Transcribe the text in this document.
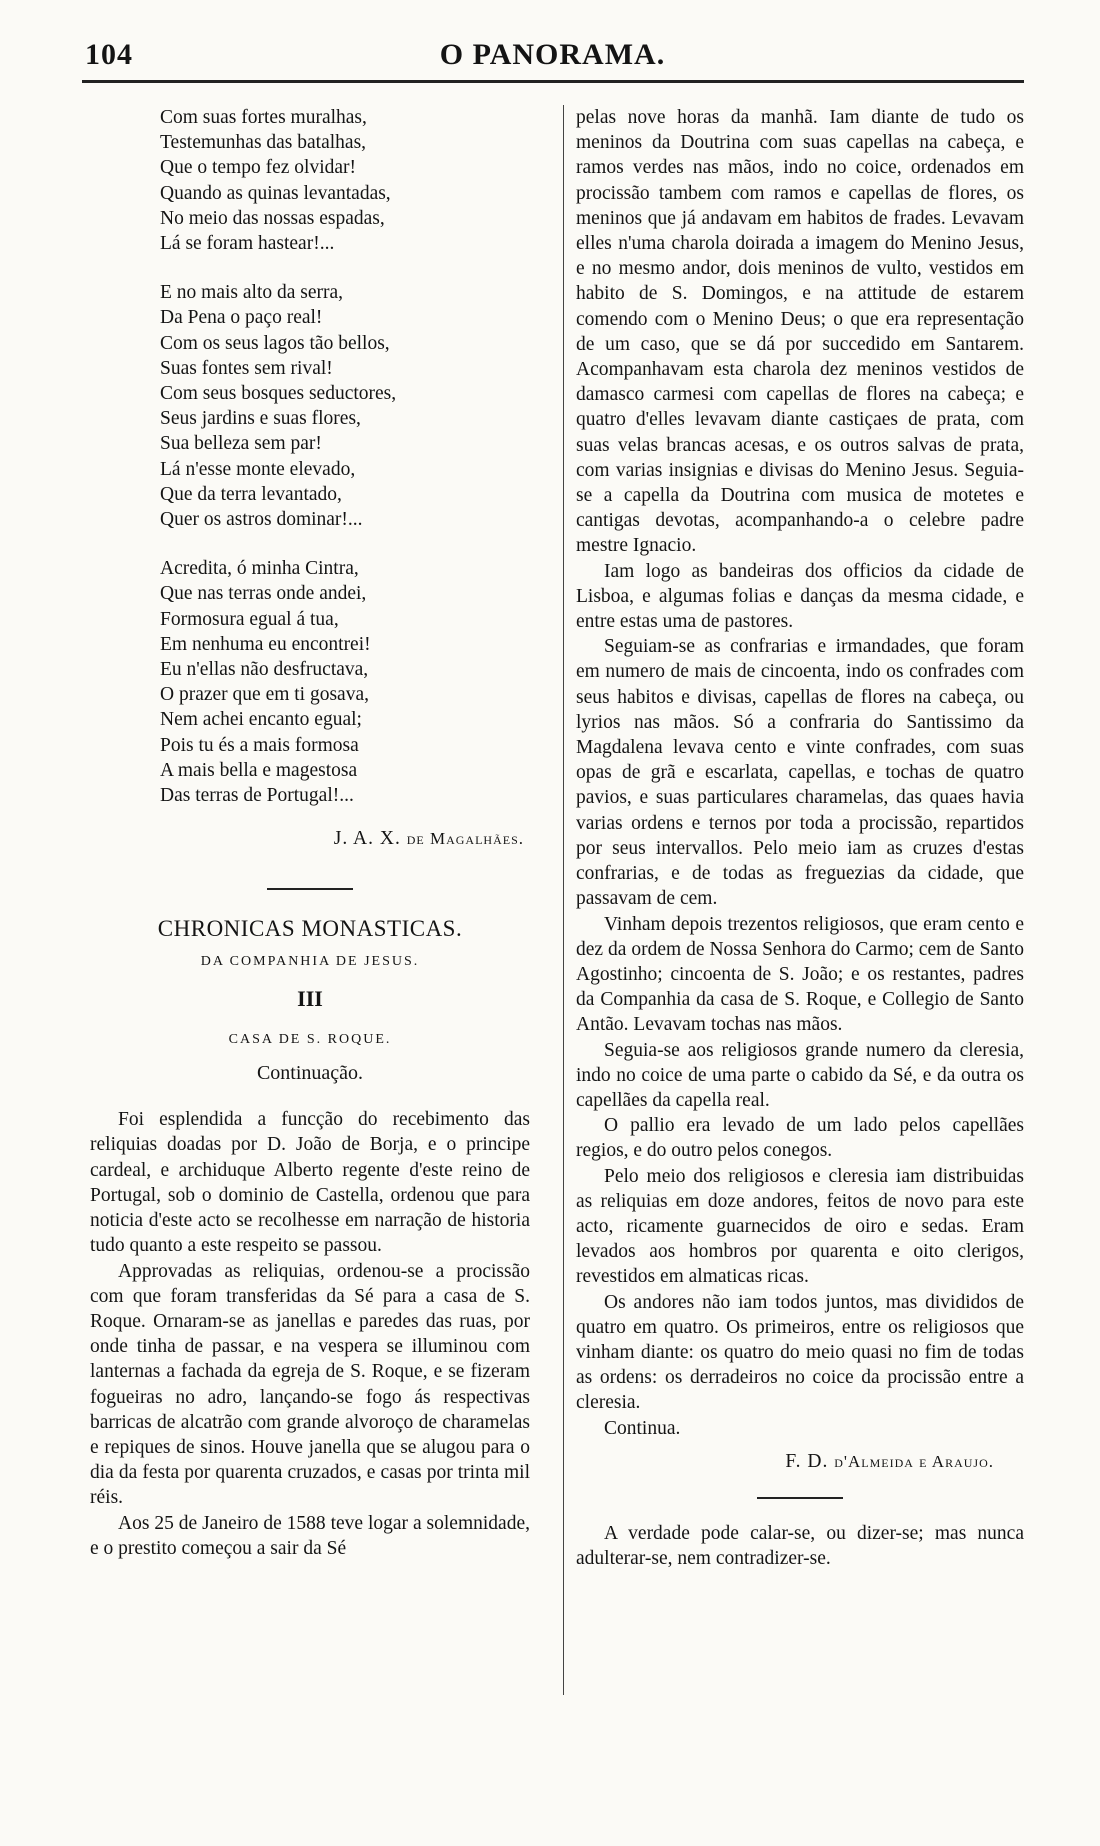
O PANORAMA.
104
Com suas fortes muralhas,
Testemunhas das batalhas,
Que o tempo fez olvidar!
Quando as quinas levantadas,
No meio das nossas espadas,
Lá se foram hastear!...
E no mais alto da serra,
Da Pena o paço real!
Com os seus lagos tão bellos,
Suas fontes sem rival!
Com seus bosques seductores,
Seus jardins e suas flores,
Sua belleza sem par!
Lá n'esse monte elevado,
Que da terra levantado,
Quer os astros dominar!...
Acredita, ó minha Cintra,
Que nas terras onde andei,
Formosura egual á tua,
Em nenhuma eu encontrei!
Eu n'ellas não desfructava,
O prazer que em ti gosava,
Nem achei encanto egual;
Pois tu és a mais formosa
A mais bella e magestosa
Das terras de Portugal!...
J. A. X. de Magalhães.
CHRONICAS MONASTICAS.
DA COMPANHIA DE JESUS.
III
CASA DE S. ROQUE.
Continuação.

Foi esplendida a funcção do recebimento das reliquias doadas por D. João de Borja, e o principe cardeal, e archiduque Alberto regente d'este reino de Portugal, sob o dominio de Castella, ordenou que para noticia d'este acto se recolhesse em narração de historia tudo quanto a este respeito se passou.

Approvadas as reliquias, ordenou-se a procissão com que foram transferidas da Sé para a casa de S. Roque. Ornaram-se as janellas e paredes das ruas, por onde tinha de passar, e na vespera se illuminou com lanternas a fachada da egreja de S. Roque, e se fizeram fogueiras no adro, lançando-se fogo ás respectivas barricas de alcatrão com grande alvoroço de charamelas e repiques de sinos. Houve janella que se alugou para o dia da festa por quarenta cruzados, e casas por trinta mil réis.

Aos 25 de Janeiro de 1588 teve logar a solemnidade, e o prestito começou a sair da Sé

pelas nove horas da manhã. Iam diante de tudo os meninos da Doutrina com suas capellas na cabeça, e ramos verdes nas mãos, indo no coice, ordenados em procissão tambem com ramos e capellas de flores, os meninos que já andavam em habitos de frades. Levavam elles n'uma charola doirada a imagem do Menino Jesus, e no mesmo andor, dois meninos de vulto, vestidos em habito de S. Domingos, e na attitude de estarem comendo com o Menino Deus; o que era representação de um caso, que se dá por succedido em Santarem. Acompanhavam esta charola dez meninos vestidos de damasco carmesi com capellas de flores na cabeça; e quatro d'elles levavam diante castiçaes de prata, com suas velas brancas acesas, e os outros salvas de prata, com varias insignias e divisas do Menino Jesus. Seguia-se a capella da Doutrina com musica de motetes e cantigas devotas, acompanhando-a o celebre padre mestre Ignacio.

Iam logo as bandeiras dos officios da cidade de Lisboa, e algumas folias e danças da mesma cidade, e entre estas uma de pastores.

Seguiam-se as confrarias e irmandades, que foram em numero de mais de cincoenta, indo os confrades com seus habitos e divisas, capellas de flores na cabeça, ou lyrios nas mãos. Só a confraria do Santissimo da Magdalena levava cento e vinte confrades, com suas opas de grã e escarlata, capellas, e tochas de quatro pavios, e suas particulares charamelas, das quaes havia varias ordens e ternos por toda a procissão, repartidos por seus intervallos. Pelo meio iam as cruzes d'estas confrarias, e de todas as freguezias da cidade, que passavam de cem.

Vinham depois trezentos religiosos, que eram cento e dez da ordem de Nossa Senhora do Carmo; cem de Santo Agostinho; cincoenta de S. João; e os restantes, padres da Companhia da casa de S. Roque, e Collegio de Santo Antão. Levavam tochas nas mãos.

Seguia-se aos religiosos grande numero da cleresia, indo no coice de uma parte o cabido da Sé, e da outra os capellães da capella real.

O pallio era levado de um lado pelos capellães regios, e do outro pelos conegos.

Pelo meio dos religiosos e cleresia iam distribuidas as reliquias em doze andores, feitos de novo para este acto, ricamente guarnecidos de oiro e sedas. Eram levados aos hombros por quarenta e oito clerigos, revestidos em almaticas ricas.

Os andores não iam todos juntos, mas divididos de quatro em quatro. Os primeiros, entre os religiosos que vinham diante: os quatro do meio quasi no fim de todas as ordens: os derradeiros no coice da procissão entre a cleresia.

Continua.

F. D. d'Almeida e Araujo.

A verdade pode calar-se, ou dizer-se; mas nunca adulterar-se, nem contradizer-se.
